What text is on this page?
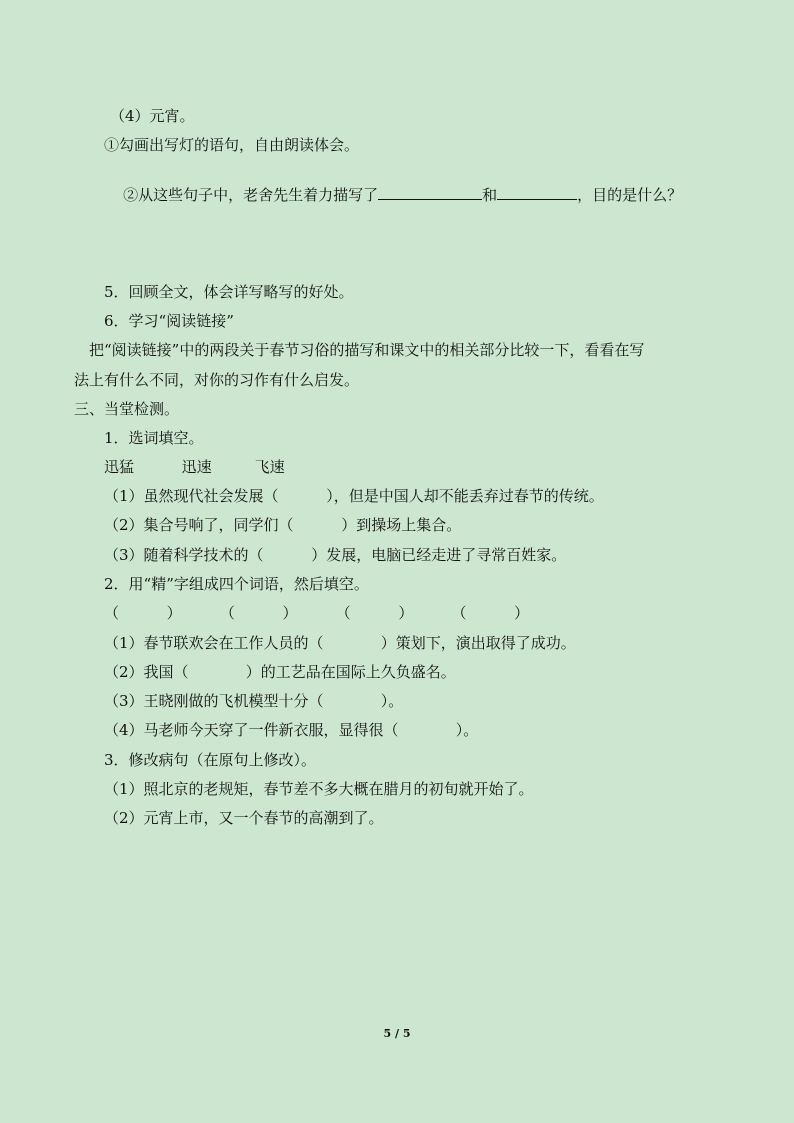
（4）元宵。
①勾画出写灯的语句，自由朗读体会。

②从这些句子中，老舍先生着力描写了	和	，目的是什么？

5．回顾全文，体会详写略写的好处。
6．学习“阅读链接”
把“阅读链接”中的两段关于春节习俗的描写和课文中的相关部分比较一下，看看在写
法上有什么不同，对你的习作有什么启发。
三、当堂检测。
1．选词填空。
迅猛          迅速         飞速
（1）虽然现代社会发展（          ），但是中国人却不能丢弃过春节的传统。
（2）集合号响了，同学们（          ）到操场上集合。
（3）随着科学技术的（          ）发展，电脑已经走进了寻常百姓家。
2．用“精”字组成四个词语，然后填空。
（          ）        （          ）        （          ）        （          ）
（1）春节联欢会在工作人员的（            ）策划下，演出取得了成功。
（2）我国（            ）的工艺品在国际上久负盛名。
（3）王晓刚做的飞机模型十分（            ）。
（4）马老师今天穿了一件新衣服，显得很（            ）。
3．修改病句（在原句上修改）。
（1）照北京的老规矩，春节差不多大概在腊月的初旬就开始了。
（2）元宵上市，又一个春节的高潮到了。
5 / 5
